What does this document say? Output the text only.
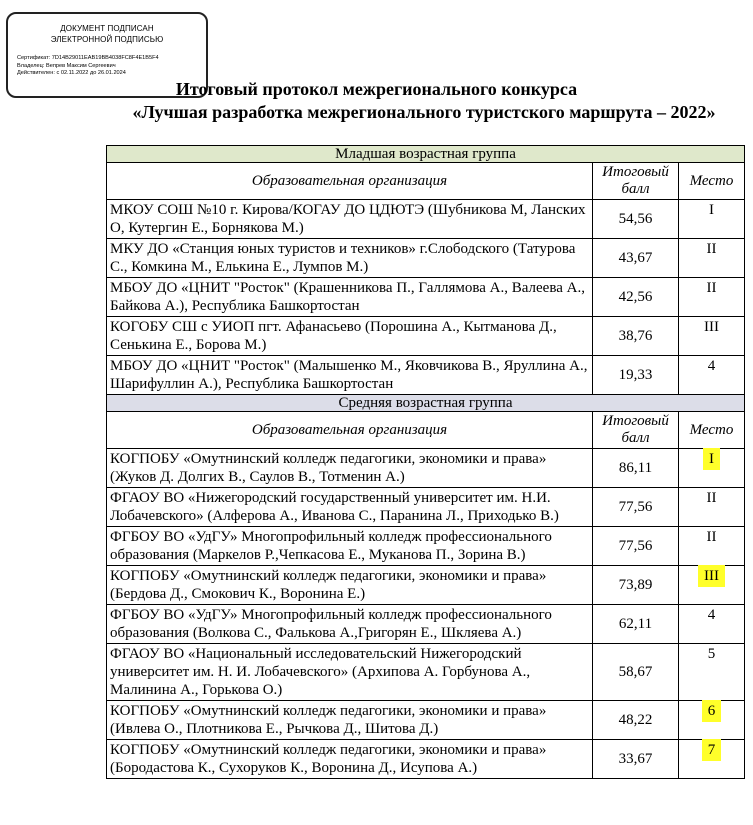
ДОКУМЕНТ ПОДПИСАН
ЭЛЕКТРОННОЙ ПОДПИСЬЮ
Сертификат: 7D14B29011EAB19BB4038FC8F4E1B5F4
Владелец: Вепрев Максим Сергеевич
Действителен: с 02.11.2022 до 26.01.2024
Итоговый протокол межрегионального конкурса
«Лучшая разработка межрегионального туристского маршрута – 2022»
Младшая возрастная группа		
Образовательная организация	Итоговый балл	Место
МКОУ СОШ №10 г. Кирова/КОГАУ ДО ЦДЮТЭ (Шубникова М, Ланских О, Кутергин Е., Борнякова М.)	54,56	I
МКУ ДО «Станция юных туристов и техников» г.Слободского (Татурова С., Комкина М., Елькина Е., Лумпов М.)	43,67	II
МБОУ ДО «ЦНИТ "Росток" (Крашенникова П., Галлямова А., Валеева А., Байкова А.), Республика Башкортостан	42,56	II
КОГОБУ СШ с УИОП пгт. Афанасьево (Порошина А., Кытманова Д., Сенькина Е., Борова М.)	38,76	III
МБОУ ДО «ЦНИТ "Росток" (Малышенко М., Яковчикова В., Яруллина А., Шарифуллин А.), Республика Башкортостан	19,33	4
Средняя возрастная группа		
Образовательная организация	Итоговый балл	Место
КОГПОБУ «Омутнинский колледж педагогики, экономики и права» (Жуков Д. Долгих В., Саулов В., Тотменин А.)	86,11	I
ФГАОУ ВО «Нижегородский государственный университет им. Н.И. Лобачевского» (Алферова А., Иванова С., Паранина Л., Приходько В.)	77,56	II
ФГБОУ ВО «УдГУ» Многопрофильный колледж профессионального образования (Маркелов Р.,Чепкасова Е., Муканова П., Зорина В.)	77,56	II
КОГПОБУ «Омутнинский колледж педагогики, экономики и права» (Бердова Д., Смокович К., Воронина Е.)	73,89	III
ФГБОУ ВО «УдГУ» Многопрофильный колледж профессионального образования (Волкова С., Фалькова А.,Григорян Е., Шкляева А.)	62,11	4
ФГАОУ ВО «Национальный исследовательский Нижегородский университет им. Н. И. Лобачевского» (Архипова А. Горбунова А., Малинина А., Горькова О.)	58,67	5
КОГПОБУ «Омутнинский колледж педагогики, экономики и права» (Ивлева О., Плотникова Е., Рычкова Д., Шитова Д.)	48,22	6
КОГПОБУ «Омутнинский колледж педагогики, экономики и права» (Бородастова К., Сухоруков К., Воронина Д., Исупова А.)	33,67	7
